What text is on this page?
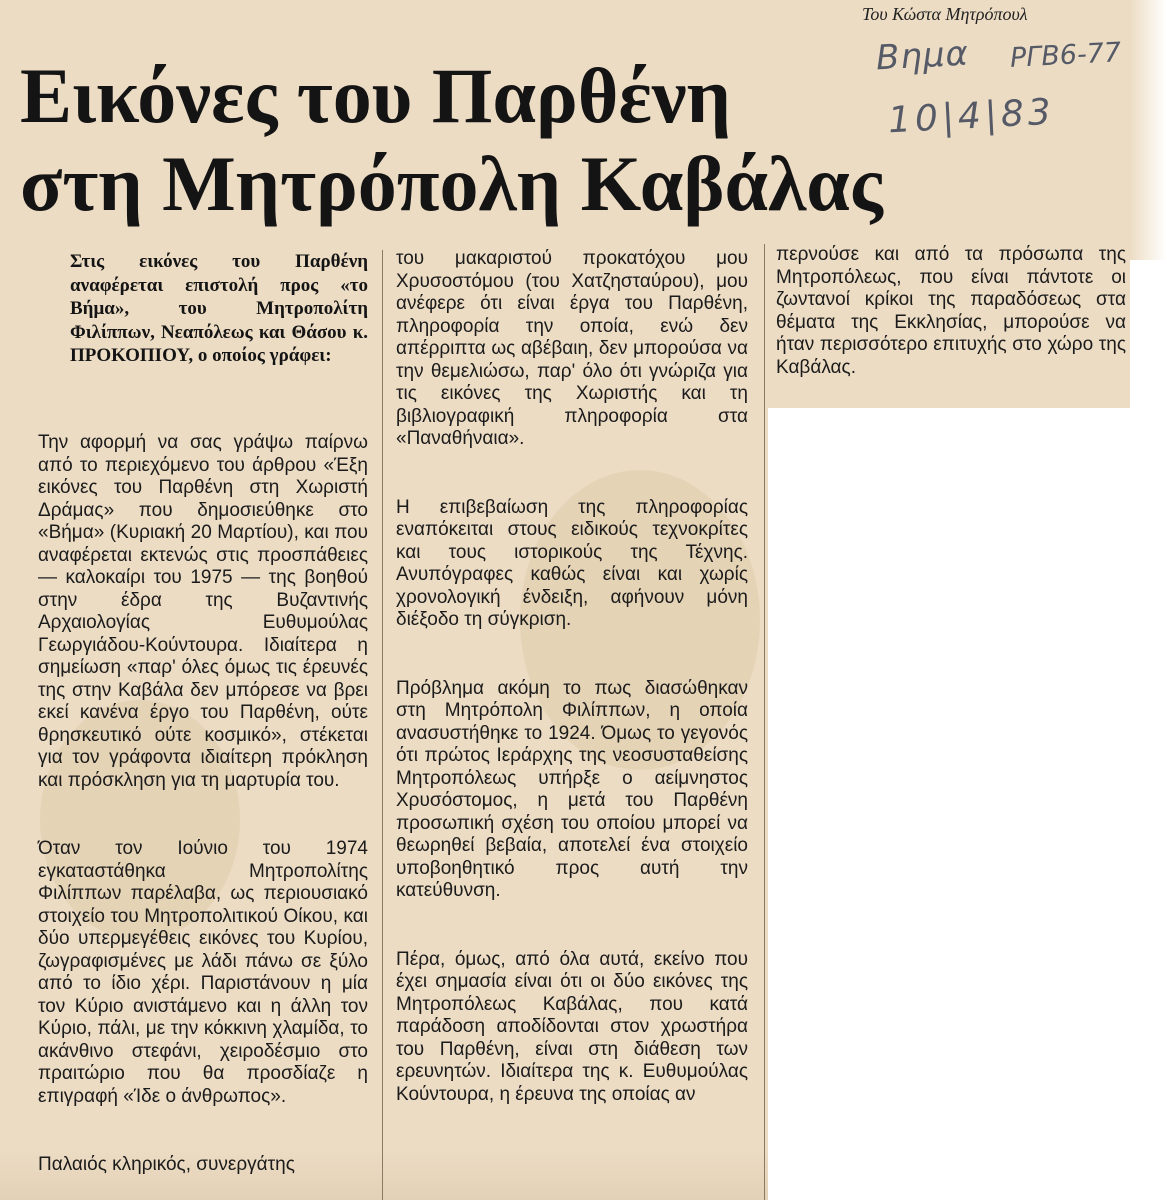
Του Κώστα Μητρόπουλ
Βημα ΡΓΒ6-77
10|4|83
Εικόνες του Παρθένη
στη Μητρόπολη Καβάλας

Στις εικόνες του Παρθένη αναφέρεται επιστολή προς «το Βήμα», του Μητροπολίτη Φιλίππων, Νεαπόλεως και Θάσου κ. ΠΡΟΚΟΠΙΟΥ, ο οποίος γράφει:

Την αφορμή να σας γράψω παίρνω από το περιεχόμενο του άρθρου «Έξη εικόνες του Παρθένη στη Χωριστή Δράμας» που δημοσιεύθηκε στο «Βήμα» (Κυριακή 20 Μαρτίου), και που αναφέρεται εκτενώς στις προσπάθειες — καλοκαίρι του 1975 — της βοηθού στην έδρα της Βυζαντινής Αρχαιολογίας Ευθυμούλας Γεωργιάδου-Κούντουρα. Ιδιαίτερα η σημείωση «παρ' όλες όμως τις έρευνές της στην Καβάλα δεν μπόρεσε να βρει εκεί κανένα έργο του Παρθένη, ούτε θρησκευτικό ούτε κοσμικό», στέκεται για τον γράφοντα ιδιαίτερη πρόκληση και πρόσκληση για τη μαρτυρία του.

Όταν τον Ιούνιο του 1974 εγκαταστάθηκα Μητροπολίτης Φιλίππων παρέλαβα, ως περιουσιακό στοιχείο του Μητροπολιτικού Οίκου, και δύο υπερμεγέθεις εικόνες του Κυρίου, ζωγραφισμένες με λάδι πάνω σε ξύλο από το ίδιο χέρι. Παριστάνουν η μία τον Κύριο ανιστάμενο και η άλλη τον Κύριο, πάλι, με την κόκκινη χλαμίδα, το ακάνθινο στεφάνι, χειροδέσμιο στο πραιτώριο που θα προσδίαζε η επιγραφή «Ίδε ο άνθρωπος».

Παλαιός κληρικός, συνεργάτης

του μακαριστού προκατόχου μου Χρυσοστόμου (του Χατζησταύρου), μου ανέφερε ότι είναι έργα του Παρθένη, πληροφορία την οποία, ενώ δεν απέρριπτα ως αβέβαιη, δεν μπορούσα να την θεμελιώσω, παρ' όλο ότι γνώριζα για τις εικόνες της Χωριστής και τη βιβλιογραφική πληροφορία στα «Παναθήναια».

Η επιβεβαίωση της πληροφορίας εναπόκειται στους ειδικούς τεχνοκρίτες και τους ιστορικούς της Τέχνης. Ανυπόγραφες καθώς είναι και χωρίς χρονολογική ένδειξη, αφήνουν μόνη διέξοδο τη σύγκριση.

Πρόβλημα ακόμη το πως διασώθηκαν στη Μητρόπολη Φιλίππων, η οποία ανασυστήθηκε το 1924. Όμως το γεγονός ότι πρώτος Ιεράρχης της νεοσυσταθείσης Μητροπόλεως υπήρξε ο αείμνηστος Χρυσόστομος, η μετά του Παρθένη προσωπική σχέση του οποίου μπορεί να θεωρηθεί βεβαία, αποτελεί ένα στοιχείο υποβοηθητικό προς αυτή την κατεύθυνση.

Πέρα, όμως, από όλα αυτά, εκείνο που έχει σημασία είναι ότι οι δύο εικόνες της Μητροπόλεως Καβάλας, που κατά παράδοση αποδίδονται στον χρωστήρα του Παρθένη, είναι στη διάθεση των ερευνητών. Ιδιαίτερα της κ. Ευθυμούλας Κούντουρα, η έρευνα της οποίας αν

περνούσε και από τα πρόσωπα της Μητροπόλεως, που είναι πάντοτε οι ζωντανοί κρίκοι της παραδόσεως στα θέματα της Εκκλησίας, μπορούσε να ήταν περισσότερο επιτυχής στο χώρο της Καβάλας.
